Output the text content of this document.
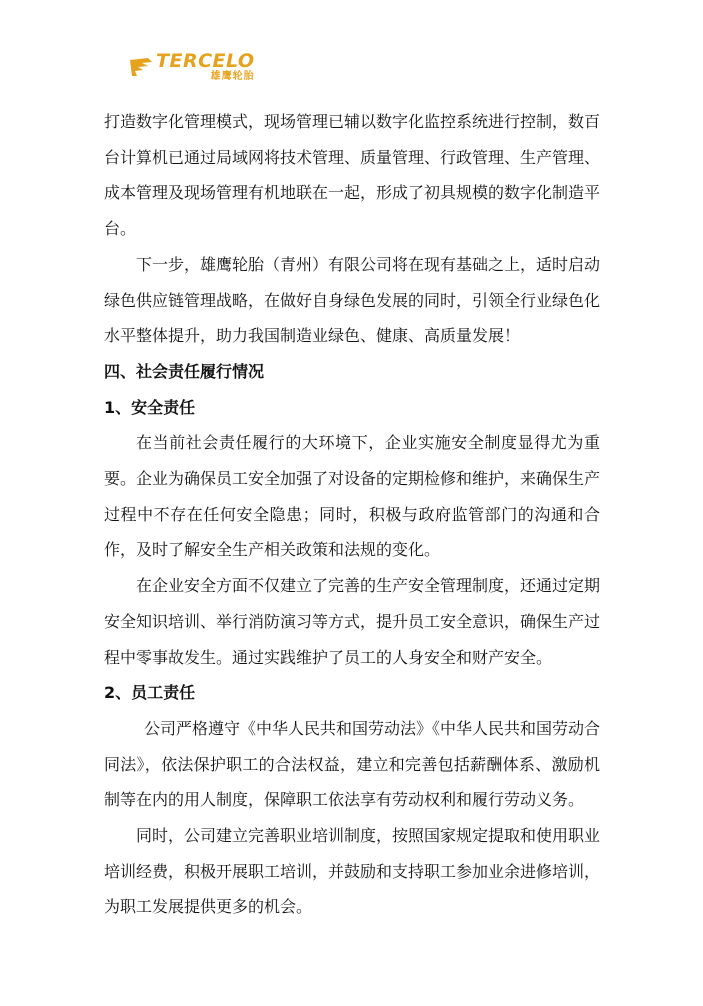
TERCELO
雄鹰轮胎

打造数字化管理模式，现场管理已辅以数字化监控系统进行控制，数百台计算机已通过局域网将技术管理、质量管理、行政管理、生产管理、成本管理及现场管理有机地联在一起，形成了初具规模的数字化制造平台。

下一步，雄鹰轮胎（青州）有限公司将在现有基础之上，适时启动绿色供应链管理战略，在做好自身绿色发展的同时，引领全行业绿色化水平整体提升，助力我国制造业绿色、健康、高质量发展！

四、社会责任履行情况
1、安全责任

在当前社会责任履行的大环境下，企业实施安全制度显得尤为重要。企业为确保员工安全加强了对设备的定期检修和维护，来确保生产过程中不存在任何安全隐患；同时，积极与政府监管部门的沟通和合作，及时了解安全生产相关政策和法规的变化。

在企业安全方面不仅建立了完善的生产安全管理制度，还通过定期安全知识培训、举行消防演习等方式，提升员工安全意识，确保生产过程中零事故发生。通过实践维护了员工的人身安全和财产安全。

2、员工责任

公司严格遵守《中华人民共和国劳动法》《中华人民共和国劳动合同法》，依法保护职工的合法权益，建立和完善包括薪酬体系、激励机制等在内的用人制度，保障职工依法享有劳动权利和履行劳动义务。

同时，公司建立完善职业培训制度，按照国家规定提取和使用职业培训经费，积极开展职工培训，并鼓励和支持职工参加业余进修培训，为职工发展提供更多的机会。
